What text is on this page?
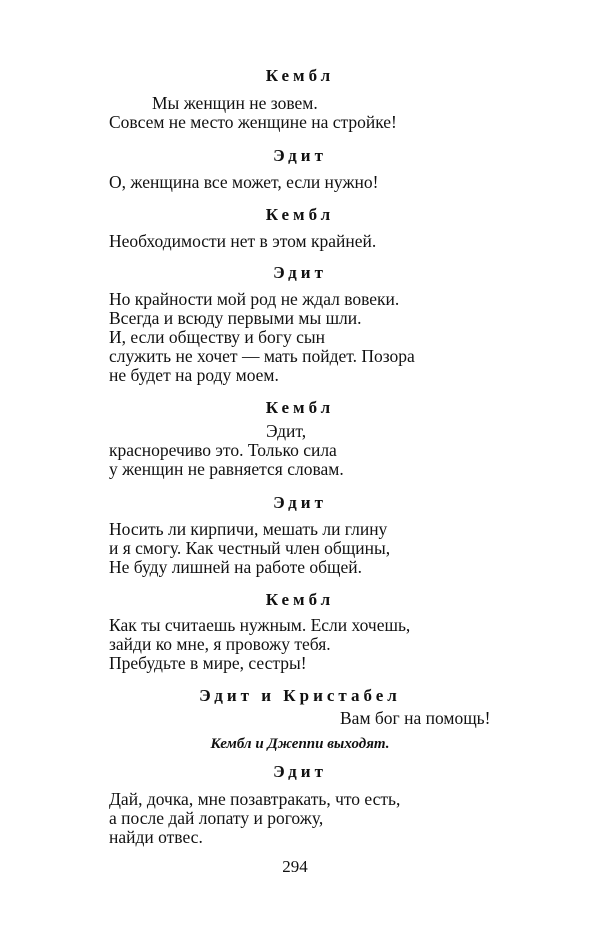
Кембл
Мы женщин не зовем.
Совсем не место женщине на стройке!
Эдит
О, женщина все может, если нужно!
Кембл
Необходимости нет в этом крайней.
Эдит
Но крайности мой род не ждал вовеки.
Всегда и всюду первыми мы шли.
И, если обществу и богу сын
служить не хочет — мать пойдет. Позора
не будет на роду моем.
Кембл
Эдит,
красноречиво это. Только сила
у женщин не равняется словам.
Эдит
Носить ли кирпичи, мешать ли глину
и я смогу. Как честный член общины,
Не буду лишней на работе общей.
Кембл
Как ты считаешь нужным. Если хочешь,
зайди ко мне, я провожу тебя.
Пребудьте в мире, сестры!
Эдит и Кристабел
Вам бог на помощь!
Кембл и Джеппи выходят.
Эдит
Дай, дочка, мне позавтракать, что есть,
а после дай лопату и рогожу,
найди отвес.
294
